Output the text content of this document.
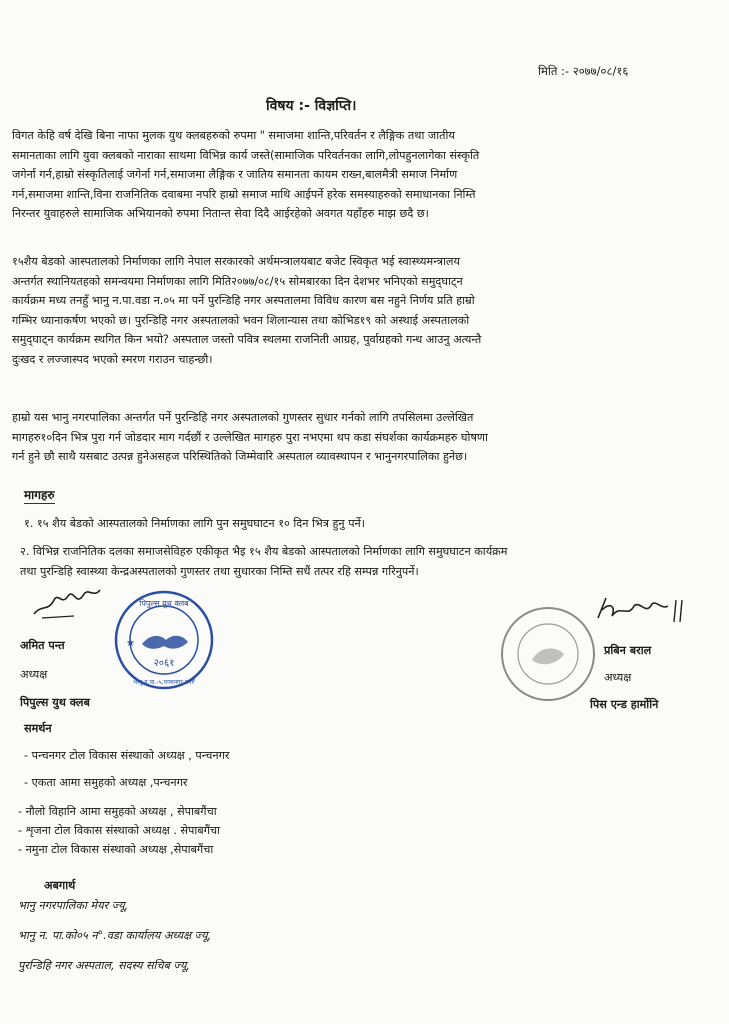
मिति :- २०७७/०८/१६
विषय :- विज्ञप्ति।
विगत केहि वर्ष देखि बिना नाफा मुलक युथ क्लबहरुको रुपमा " समाजमा शान्ति,परिवर्तन र लैङ्गिक तथा जातीय
समानताका लागि युवा क्लबको नाराका साथमा विभिन्न कार्य जस्ते(सामाजिक परिवर्तनका लागि,लोपहुनलागेका संस्कृति
जगेर्ना गर्न,हाम्रो संस्कृतिलाई जगेर्ना गर्न,समाजमा लैङ्गिक र जातिय समानता कायम राख्न,बालमैत्री समाज निर्माण
गर्न,समाजमा शान्ति,विना राजनितिक दवाबमा नपरि हाम्रो समाज माथि आईपर्ने हरेक समस्याहरुको समाधानका निम्ति
निरन्तर युवाहरुले सामाजिक अभियानको रुपमा नितान्त सेवा दिदै आईरहेको अवगत यहाँहरु माझ छदै छ।
१५शैय बेडको आस्पतालको निर्माणका लागि नेपाल सरकारको अर्थमन्त्रालयबाट बजेट स्विकृत भई स्वास्थ्यमन्त्रालय
अन्तर्गत स्थानियतहको समन्वयमा निर्माणका लागि मिति२०७७/०८/१५ सोमबारका दिन देशभर भनिएको समुद्‌घाट्‌न
कार्यक्रम मध्य तनहुँ भानु न.पा.वडा न.०५ मा पर्ने पुरन्डिहि नगर अस्पतालमा विविध कारण बस नहुने निर्णय प्रति हाम्रो
गम्भिर ध्यानाकर्षण भएको छ। पुरन्डिहि नगर अस्पतालको भवन शिलान्यास तथा कोभिड१९ को अस्थाई अस्पतालको
समुद्‌घाट्‌न कार्यक्रम स्थगित किन भयो? अस्पताल जस्तो पवित्र स्थलमा राजनिती आग्रह, पुर्वाग्रहको गन्ध आउनु अत्यन्तै
दुःखद र लज्जास्पद भएको स्मरण गराउन चाहन्छौ।
हाम्रो यस भानु नगरपालिका अन्तर्गत पर्ने पुरन्डिहि नगर अस्पतालको गुणस्तर सुधार गर्नको लागि तपसिलमा उल्लेखित
मागहरु१०दिन भित्र पुरा गर्न जोडदार माग गर्दछौं र उल्लेखित मागहरु पुरा नभएमा थप कडा संघर्शका कार्यक्रमहरु घोषणा
गर्न हुने छौ साथै यसबाट उत्पन्न हुनेअसहज परिस्थितिको जिम्मेवारि अस्पताल व्यावस्थापन र भानुनगरपालिका हुनेछ।
मागहरु
१. १५ शैय बेडको आस्पतालको निर्माणका लागि पुन समुघघाटन १० दिन भित्र हुनु पर्ने।
२. विभिन्न राजनितिक दलका समाजसेविहरु एकीकृत भैइ १५ शैय बेडको आस्पतालको निर्माणका लागि समुघघाटन कार्यक्रम
तथा पुरन्डिहि स्वास्थ्या केन्द्रअस्पतालको गुणस्तर तथा सुधारका निम्ति सधैं तत्पर रहि सम्पन्न गरिनुपर्ने।
२०६१
पिपुल्स युथ क्लब
भानु न.पा.-५,पञ्चनगर,तनहुँ
★
अमित पन्त
अध्यक्ष
पिपुल्स युथ क्लब
प्रबिन बराल
अध्यक्ष
पिस एन्ड हार्मोनि
समर्थन
- पन्चनगर टोल विकास संस्थाको अध्यक्ष , पन्चनगर
- एकता आमा समुहको अध्यक्ष ,पन्चनगर
- नौलो विहानि आमा समुहको अध्यक्ष , सेपाबगैंचा
- शृजना टोल विकास संस्थाको अध्यक्ष . सेपाबगैंचा
- नमुना टोल विकास संस्थाको अध्यक्ष ,सेपाबगैंचा
अबगार्थ
भानु नगरपालिका मेयर ज्यू,
भानु न. पा.को०५ न°.वडा कार्यालय अध्यक्ष ज्यू,
पुरन्डिहि नगर अस्पताल, सदस्य सचिब ज्यू,
